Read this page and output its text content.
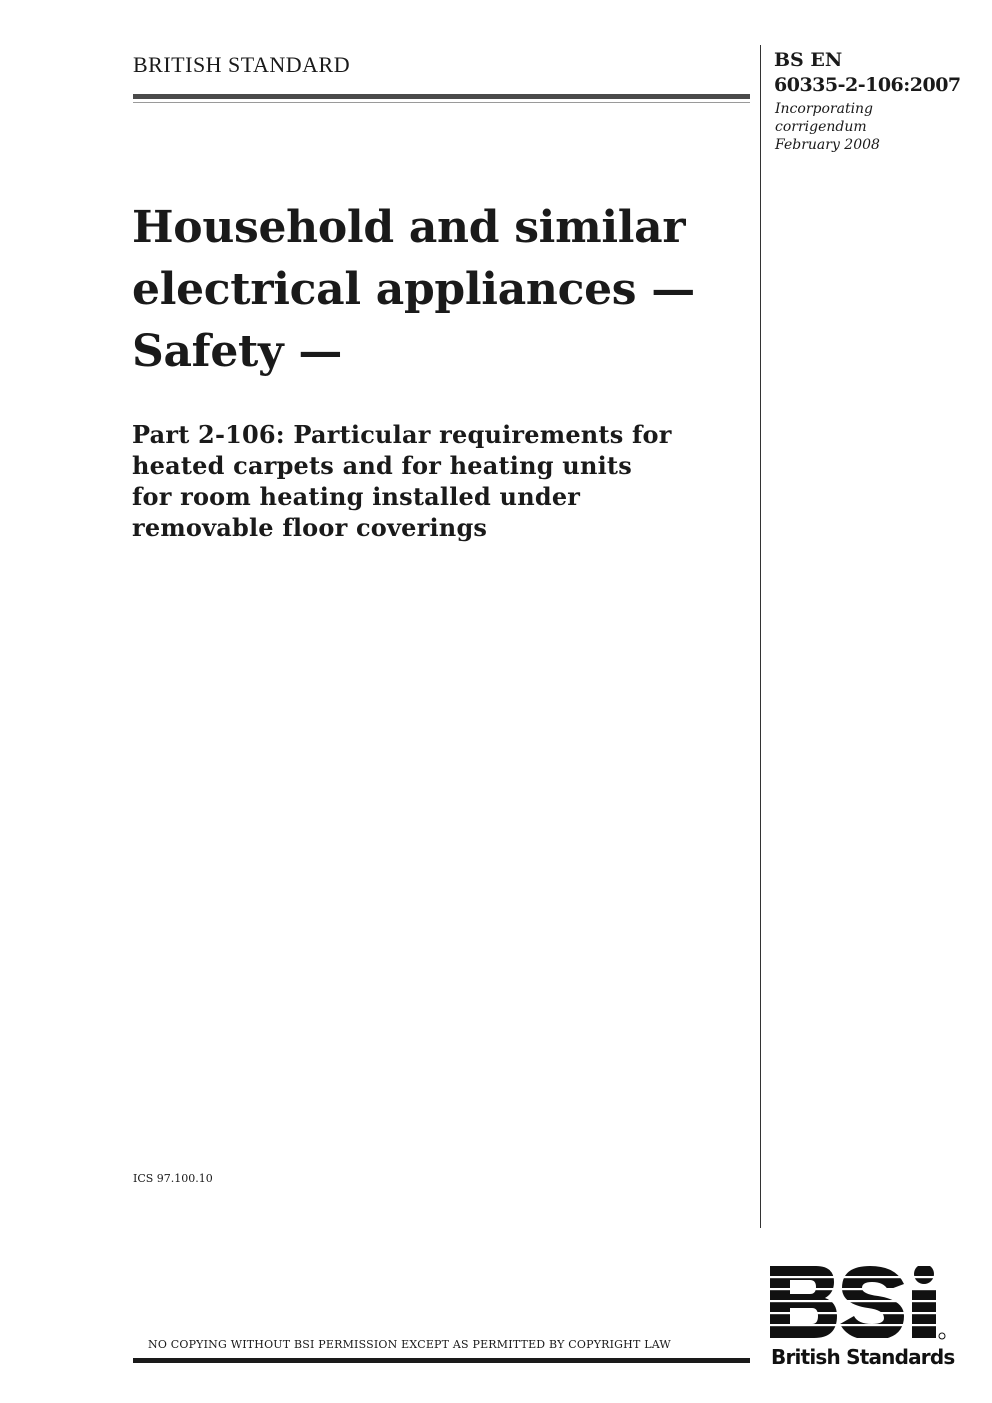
BRITISH STANDARD	BS EN
60335-2-106:2007
Incorporating
corrigendum
February 2008
Household and similar
electrical appliances —
Safety —
Part 2-106: Particular requirements for
heated carpets and for heating units
for room heating installed under
removable floor coverings
ICS 97.100.10
NO COPYING WITHOUT BSI PERMISSION EXCEPT AS PERMITTED BY COPYRIGHT LAW
British Standards
